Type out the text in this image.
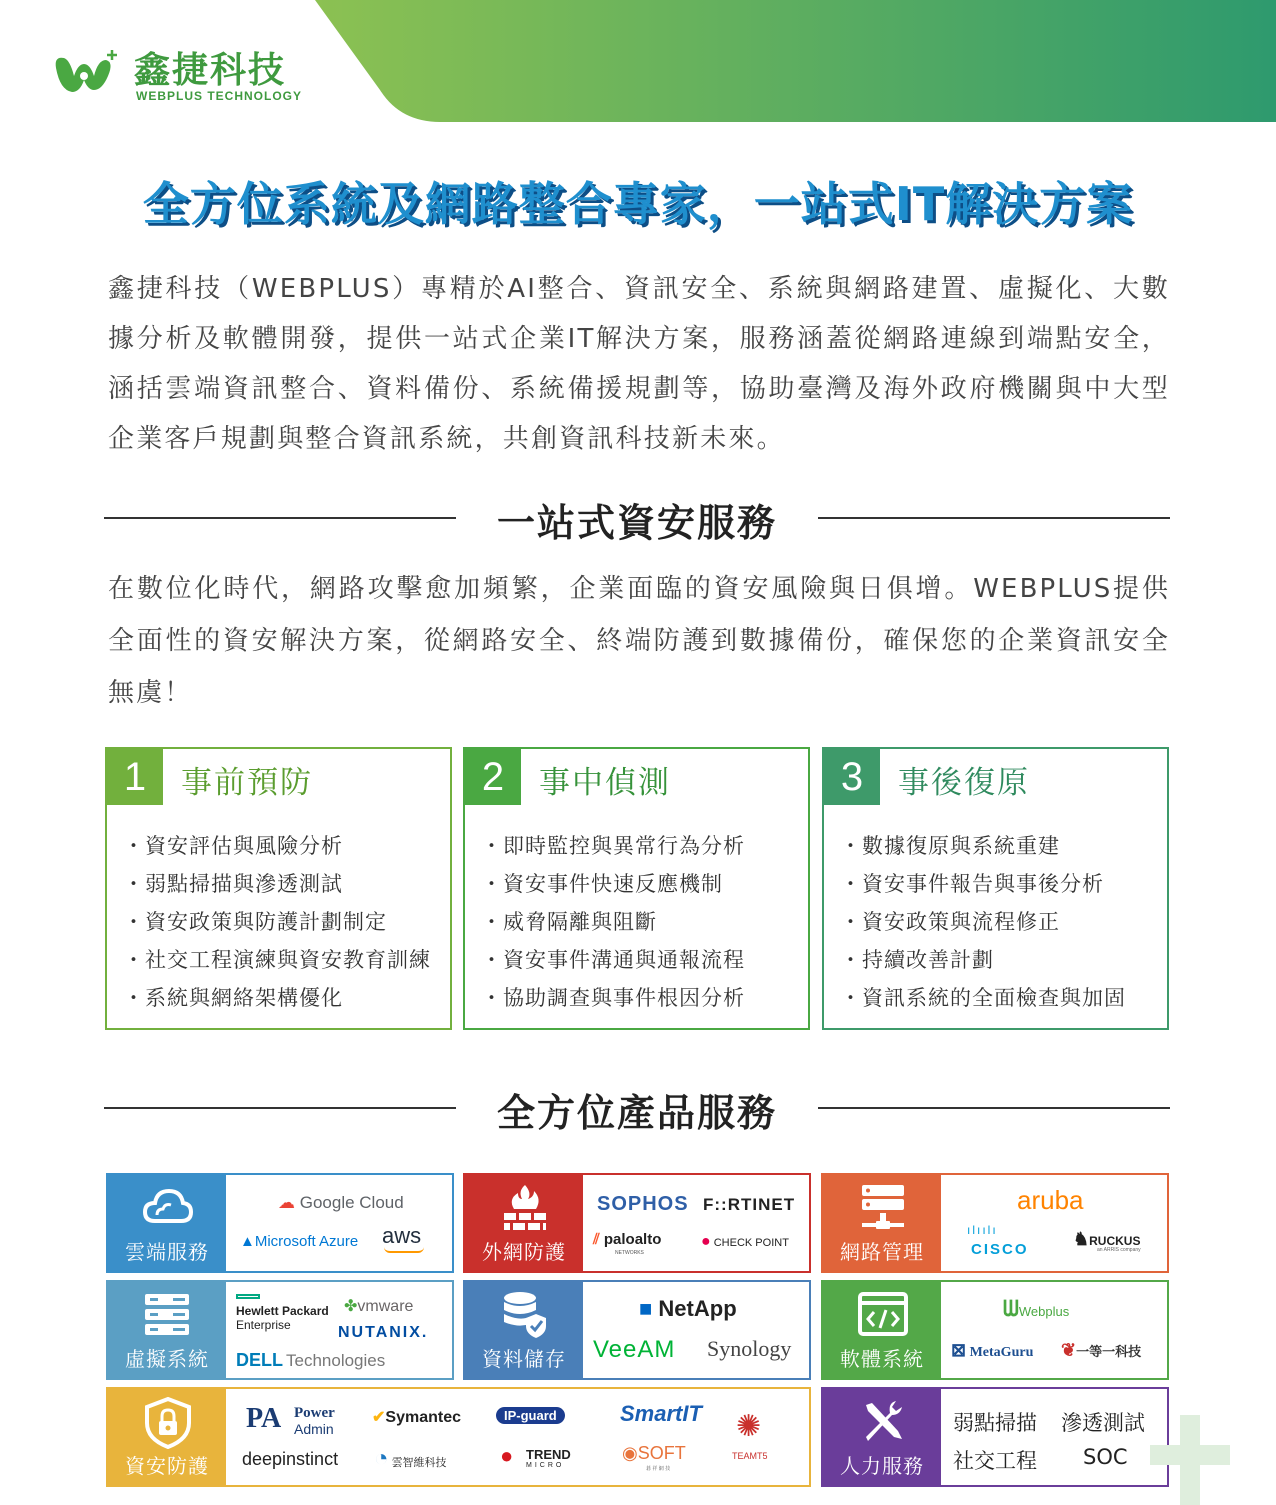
鑫捷科技
WEBPLUS TECHNOLOGY
全方位系統及網路整合專家，一站式IT解決方案
鑫捷科技（WEBPLUS）專精於AI整合、資訊安全、系統與網路建置、虛擬化、大數據分析及軟體開發，提供一站式企業IT解決方案，服務涵蓋從網路連線到端點安全，涵括雲端資訊整合、資料備份、系統備援規劃等，協助臺灣及海外政府機關與中大型企業客戶規劃與整合資訊系統，共創資訊科技新未來。
一站式資安服務
在數位化時代，網路攻擊愈加頻繁，企業面臨的資安風險與日俱增。WEBPLUS提供全面性的資安解決方案，從網路安全、終端防護到數據備份，確保您的企業資訊安全無虞！
1	事前預防
・資安評估與風險分析
・弱點掃描與滲透測試
・資安政策與防護計劃制定
・社交工程演練與資安教育訓練
・系統與網絡架構優化
2	事中偵測
・即時監控與異常行為分析
・資安事件快速反應機制
・威脅隔離與阻斷
・資安事件溝通與通報流程
・協助調查與事件根因分析
3	事後復原
・數據復原與系統重建
・資安事件報告與事後分析
・資安政策與流程修正
・持續改善計劃
・資訊系統的全面檢查與加固
全方位產品服務
雲端服務
☁ Google Cloud
▲Microsoft Azure aws
外網防護
SOPHOS F::RTINET
⫽ paloalto
NETWORKS
● CHECK POINT	網路管理
aruba
ılıılı
CISCO
♞RUCKUS
an ARRIS company
虛擬系統
Hewlett Packard
Enterprise
✤vmware
NUTANIX.
DELL Technologies	資料儲存
■ NetApp
VeeAM Synology	軟體系統
ᗯWebplus
⊠ MetaGuru ❦一等一科技
資安防護
PA Power
Admin
✔Symantec	IP-guard	SmartIT ✺
TEAMT5
deepinstinct ◔ 雲智維科技 ● TREND
MICRO
◉SOFT
碁 祥 網 技	人力服務
弱點掃描 滲透測試
社交工程 SOC
